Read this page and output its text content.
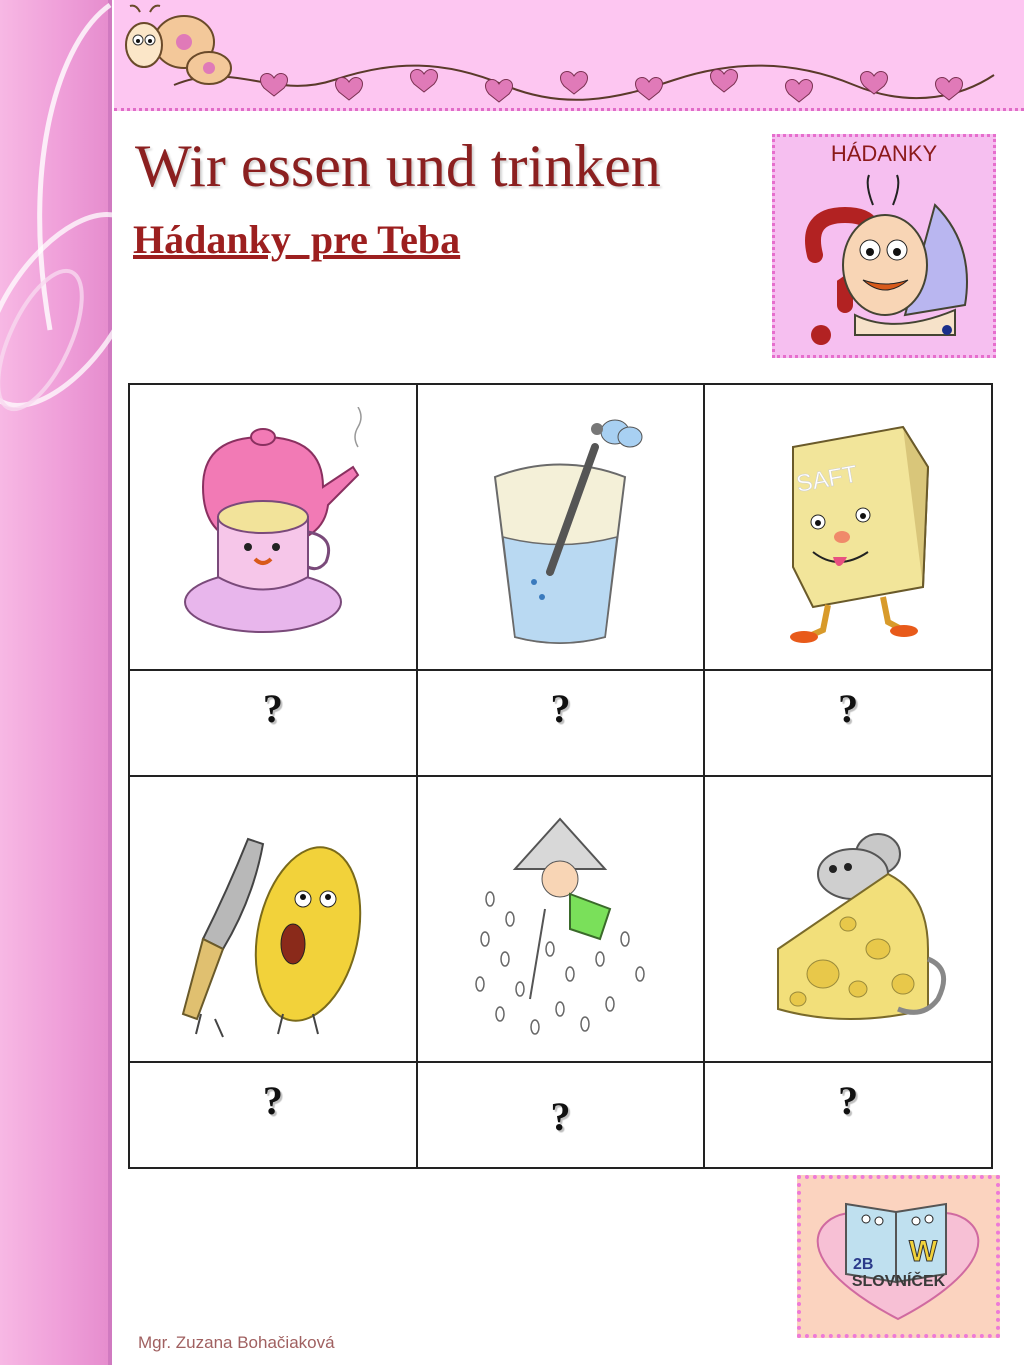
Wir essen und trinken
Hádanky  pre Teba
HÁDANKY

SAFT

?	?	?

?	?	?
2B W
SLOVNÍČEK
Mgr. Zuzana Bohačiaková
